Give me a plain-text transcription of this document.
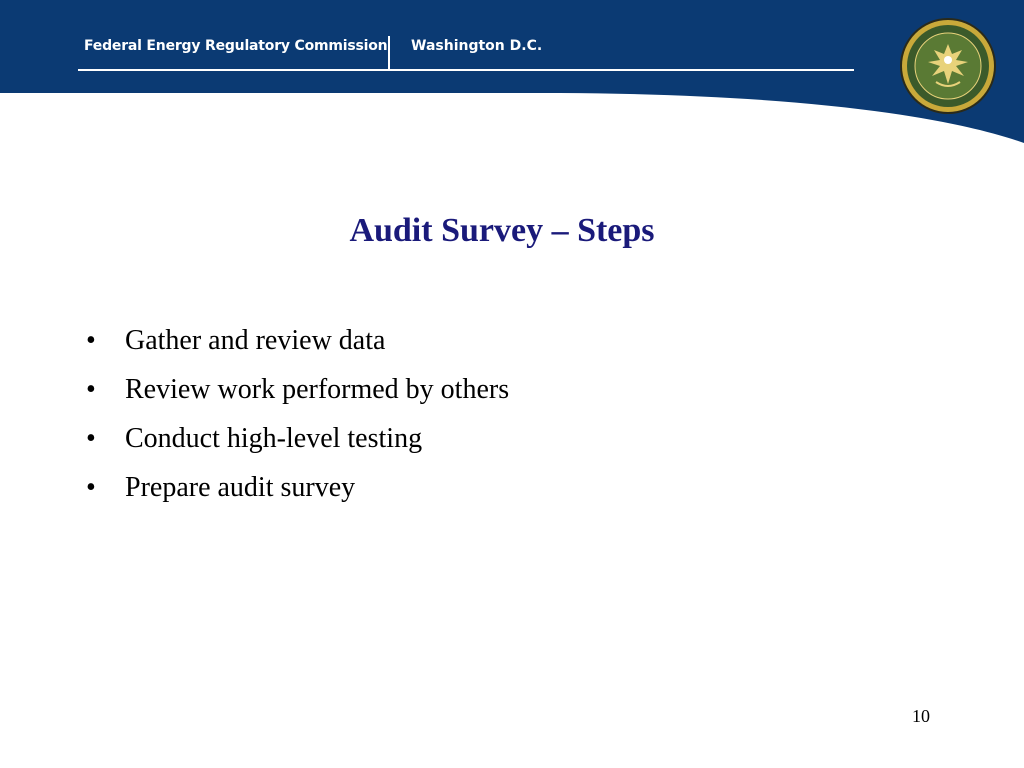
Federal Energy Regulatory Commission Washington D.C.
Audit Survey – Steps
• Gather and review data
• Review work performed by others
• Conduct high-level testing
• Prepare audit survey
10
